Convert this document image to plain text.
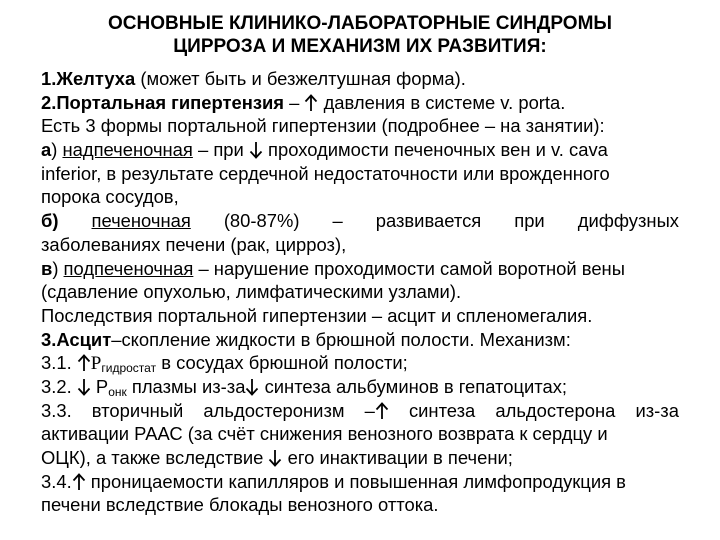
ОСНОВНЫЕ КЛИНИКО-ЛАБОРАТОРНЫЕ СИНДРОМЫ
ЦИРРОЗА И МЕХАНИЗМ ИХ РАЗВИТИЯ:
1.Желтуха (может быть и безжелтушная форма).
2.Портальная гипертензия –
давления в системе v. porta.
Есть 3 формы портальной гипертензии (подробнее – на занятии):
а) надпеченочная – при
проходимости печеночных вен и v. cava
inferior, в результате сердечной недостаточности или врожденного
порока сосудов,
б) печеночная (80-87%) – развивается при диффузных
заболеваниях печени (рак, цирроз),
в) подпеченочная – нарушение проходимости самой воротной вены
(сдавление опухолью, лимфатическими узлами).
Последствия портальной гипертензии – асцит и спленомегалия.
3.Асцит–скопление жидкости в брюшной полости. Механизм:
3.1.
$Р_{гидростат}$ в сосудах брюшной полости;
3.2.
$Р_{онк}$ плазмы из-за
синтеза альбуминов в гепатоцитах;
3.3. вторичный альдостеронизм – синтеза альдостерона из-за
активации РААС (за счёт снижения венозного возврата к сердцу и
ОЦК), а также вследствие
его инактивации в печени;
3.4.
проницаемости капилляров и повышенная лимфопродукция в
печени вследствие блокады венозного оттока.
